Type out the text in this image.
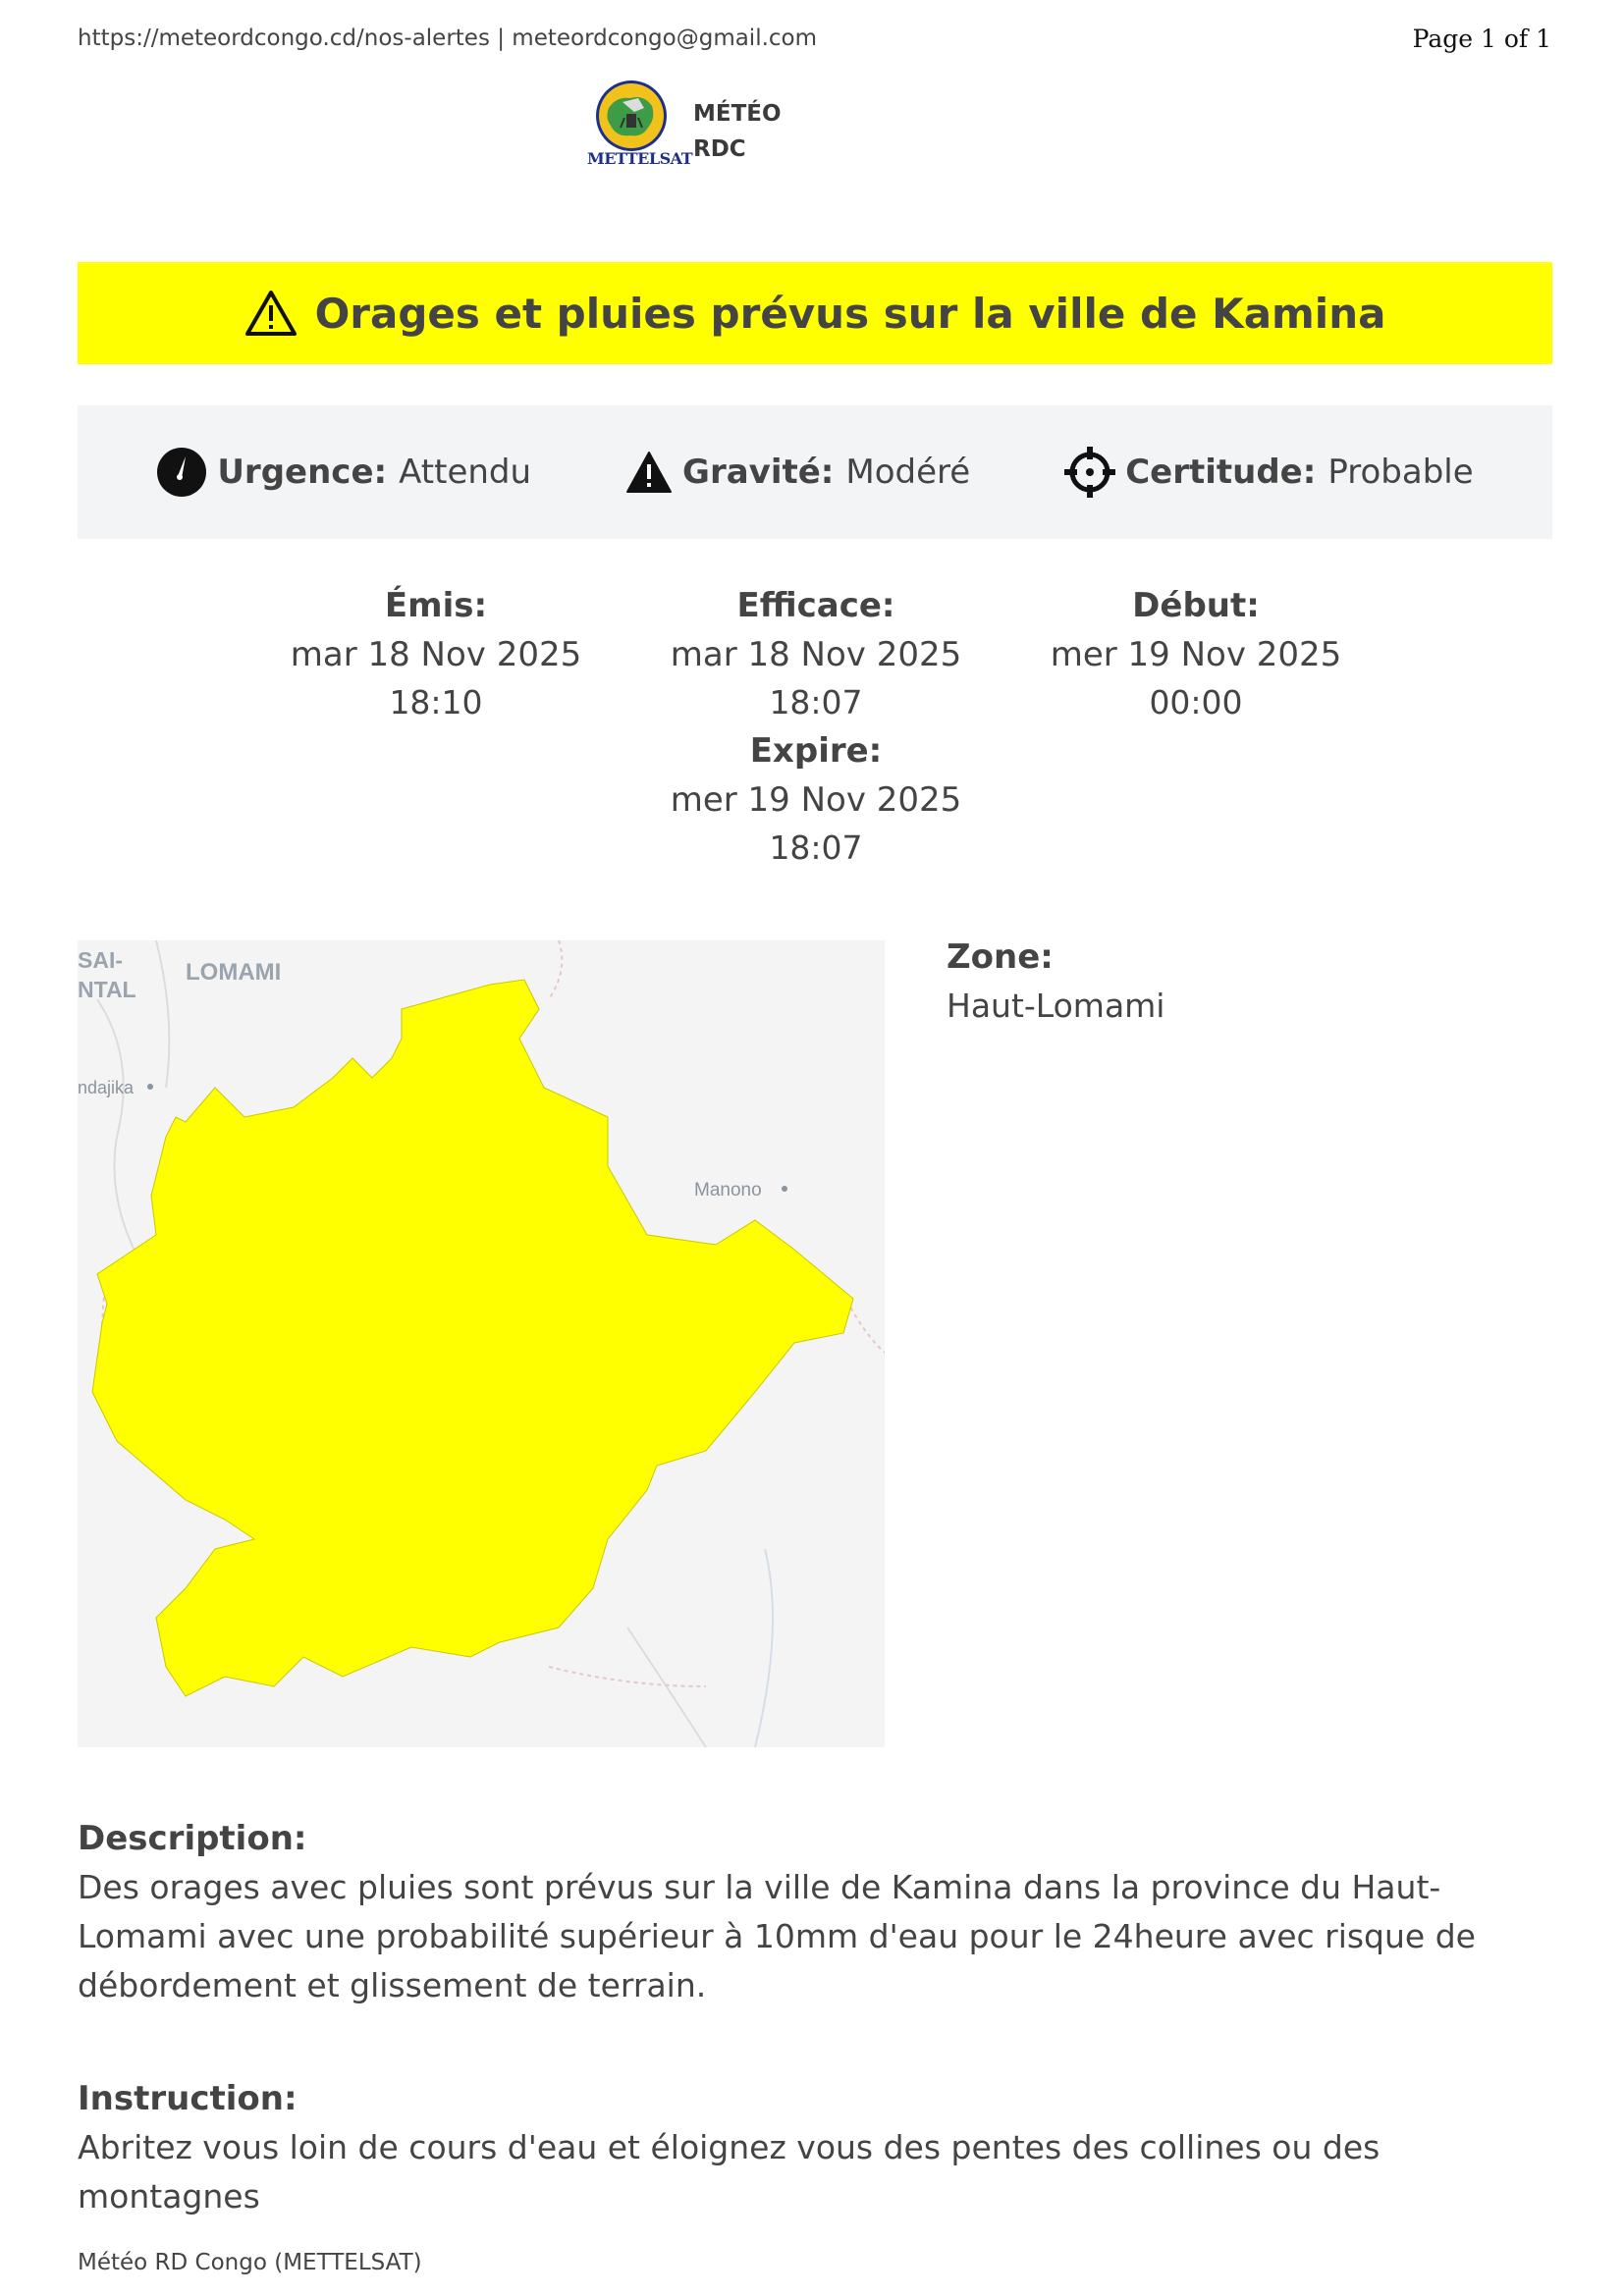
https://meteordcongo.cd/nos-alertes | meteordcongo@gmail.com	Page 1 of 1
METTELSAT
MÉTÉO
RDC
Orages et pluies prévus sur la ville de Kamina
Urgence: Attendu	Gravité: Modéré	Certitude: Probable
Émis:
mar 18 Nov 2025
18:10
Efficace:
mar 18 Nov 2025
18:07
Début:
mer 19 Nov 2025
00:00
Expire:
mer 19 Nov 2025
18:07
SAI-
NTAL
LOMAMI
ndajika
Manono
Zone:
Haut-Lomami
Description:
Des orages avec pluies sont prévus sur la ville de Kamina dans la province du Haut-
Lomami avec une probabilité supérieur à 10mm d'eau pour le 24heure avec risque de
débordement et glissement de terrain.
Instruction:
Abritez vous loin de cours d'eau et éloignez vous des pentes des collines ou des
montagnes
Météo RD Congo (METTELSAT)
